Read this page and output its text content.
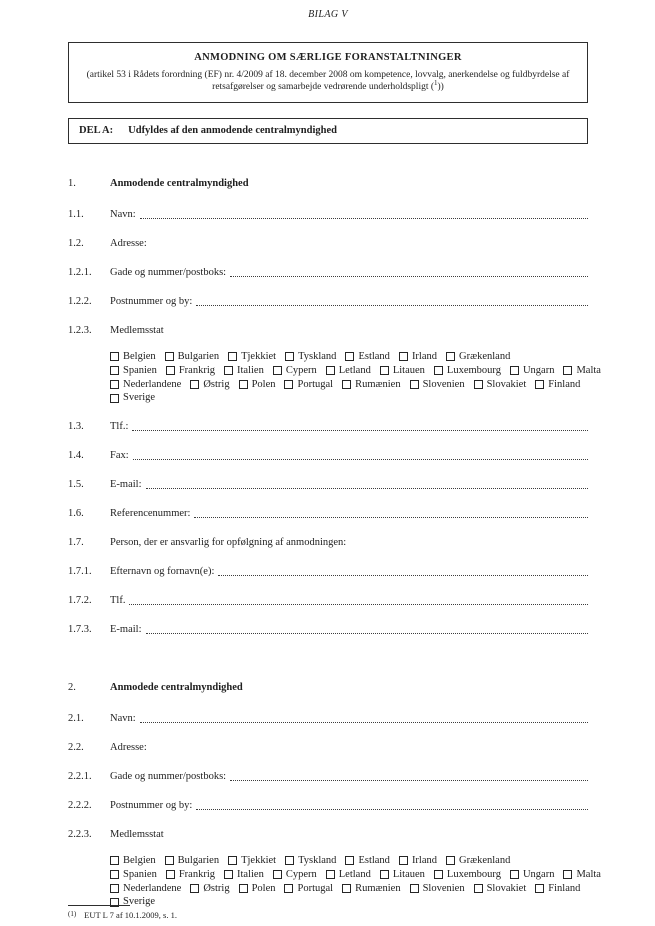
BILAG V
ANMODNING OM SÆRLIGE FORANSTALTNINGER
(artikel 53 i Rådets forordning (EF) nr. 4/2009 af 18. december 2008 om kompetence, lovvalg, anerkendelse og fuldbyrdelse af retsafgørelser og samarbejde vedrørende underholdspligt ($^1$))
DEL A: Udfyldes af den anmodende centralmyndighed
1.	Anmodende centralmyndighed
1.1.	Navn:
1.2.	Adresse:
1.2.1.	Gade og nummer/postboks:
1.2.2.	Postnummer og by:
1.2.3.	Medlemsstat
Belgien Bulgarien Tjekkiet Tyskland Estland Irland Grækenland
Spanien Frankrig Italien Cypern Letland Litauen Luxembourg Ungarn Malta
Nederlandene Østrig Polen Portugal Rumænien Slovenien Slovakiet Finland
Sverige
1.3.	Tlf.:
1.4.	Fax:
1.5.	E-mail:
1.6.	Referencenummer:
1.7.	Person, der er ansvarlig for opfølgning af anmodningen:
1.7.1.	Efternavn og fornavn(e):
1.7.2.	Tlf.
1.7.3.	E-mail:
2.	Anmodede centralmyndighed
2.1.	Navn:
2.2.	Adresse:
2.2.1.	Gade og nummer/postboks:
2.2.2.	Postnummer og by:
2.2.3.	Medlemsstat
Belgien Bulgarien Tjekkiet Tyskland Estland Irland Grækenland
Spanien Frankrig Italien Cypern Letland Litauen Luxembourg Ungarn Malta
Nederlandene Østrig Polen Portugal Rumænien Slovenien Slovakiet Finland
Sverige
$^{(1)}$ EUT L 7 af 10.1.2009, s. 1.
